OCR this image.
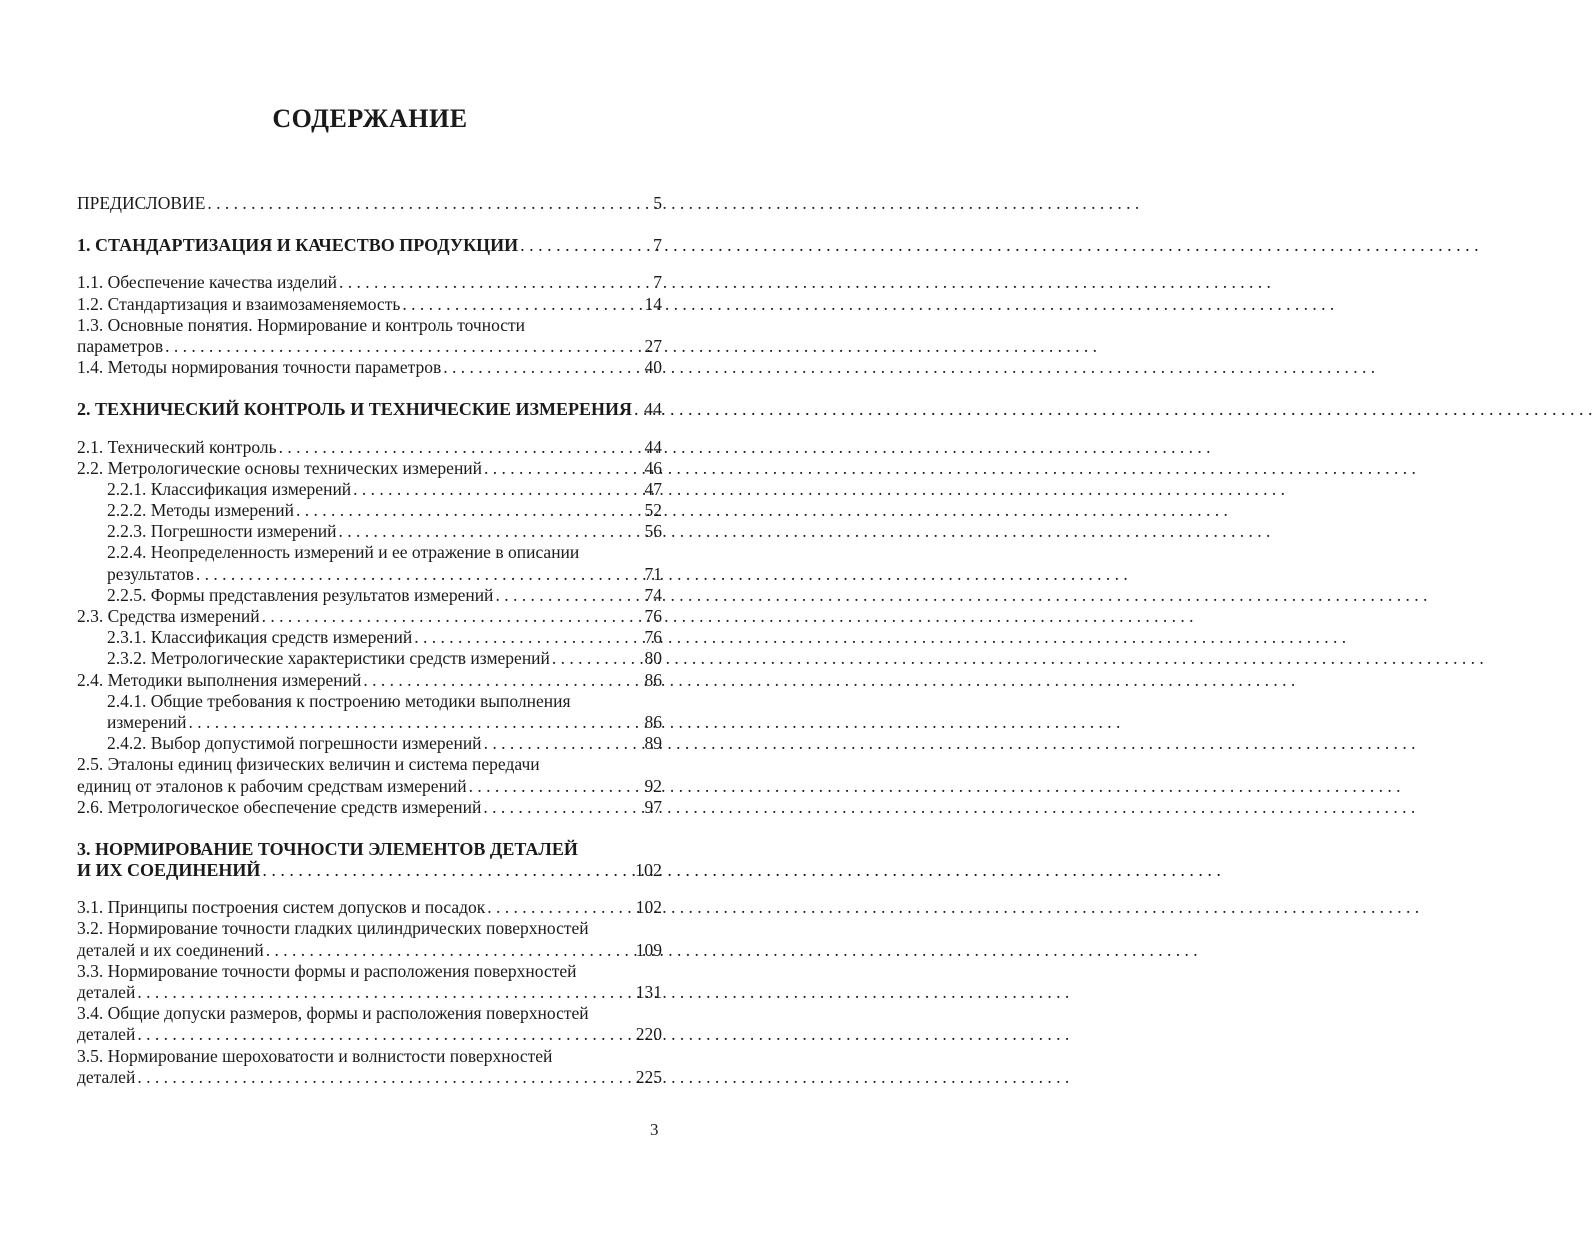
СОДЕРЖАНИЕ
ПРЕДИСЛОВИЕ . . .	5
1. СТАНДАРТИЗАЦИЯ И КАЧЕСТВО ПРОДУКЦИИ . . .	7
1.1. Обеспечение качества изделий . . .	7
1.2. Стандартизация и взаимозаменяемость . . .	14
1.3. Основные понятия. Нормирование и контроль точности
параметров . . .	27
1.4. Методы нормирования точности параметров . . .	40
2. ТЕХНИЧЕСКИЙ КОНТРОЛЬ И ТЕХНИЧЕСКИЕ ИЗМЕРЕНИЯ . . . 44
2.1. Технический контроль . . .	44
2.2. Метрологические основы технических измерений . . .	46
2.2.1. Классификация измерений . . .	47
2.2.2. Методы измерений . . .	52
2.2.3. Погрешности измерений . . .	56
2.2.4. Неопределенность измерений и ее отражение в описании
результатов . . .	71
2.2.5. Формы представления результатов измерений . . .	74
2.3. Средства измерений . . .	76
2.3.1. Классификация средств измерений . . .	76
2.3.2. Метрологические характеристики средств измерений . . .	80
2.4. Методики выполнения измерений . . .	86
2.4.1. Общие требования к построению методики выполнения
измерений . . .	86
2.4.2. Выбор допустимой погрешности измерений . . .	89
2.5. Эталоны единиц физических величин и система передачи
единиц от эталонов к рабочим средствам измерений . . .	92
2.6. Метрологическое обеспечение средств измерений . . .	97
3. НОРМИРОВАНИЕ ТОЧНОСТИ ЭЛЕМЕНТОВ ДЕТАЛЕЙ
И ИХ СОЕДИНЕНИЙ . . .	102
3.1. Принципы построения систем допусков и посадок . . .	102
3.2. Нормирование точности гладких цилиндрических поверхностей
деталей и их соединений . . .	109
3.3. Нормирование точности формы и расположения поверхностей
деталей . . .	131
3.4. Общие допуски размеров, формы и расположения поверхностей
деталей . . .	220
3.5. Нормирование шероховатости и волнистости поверхностей
деталей . . .	225
3
